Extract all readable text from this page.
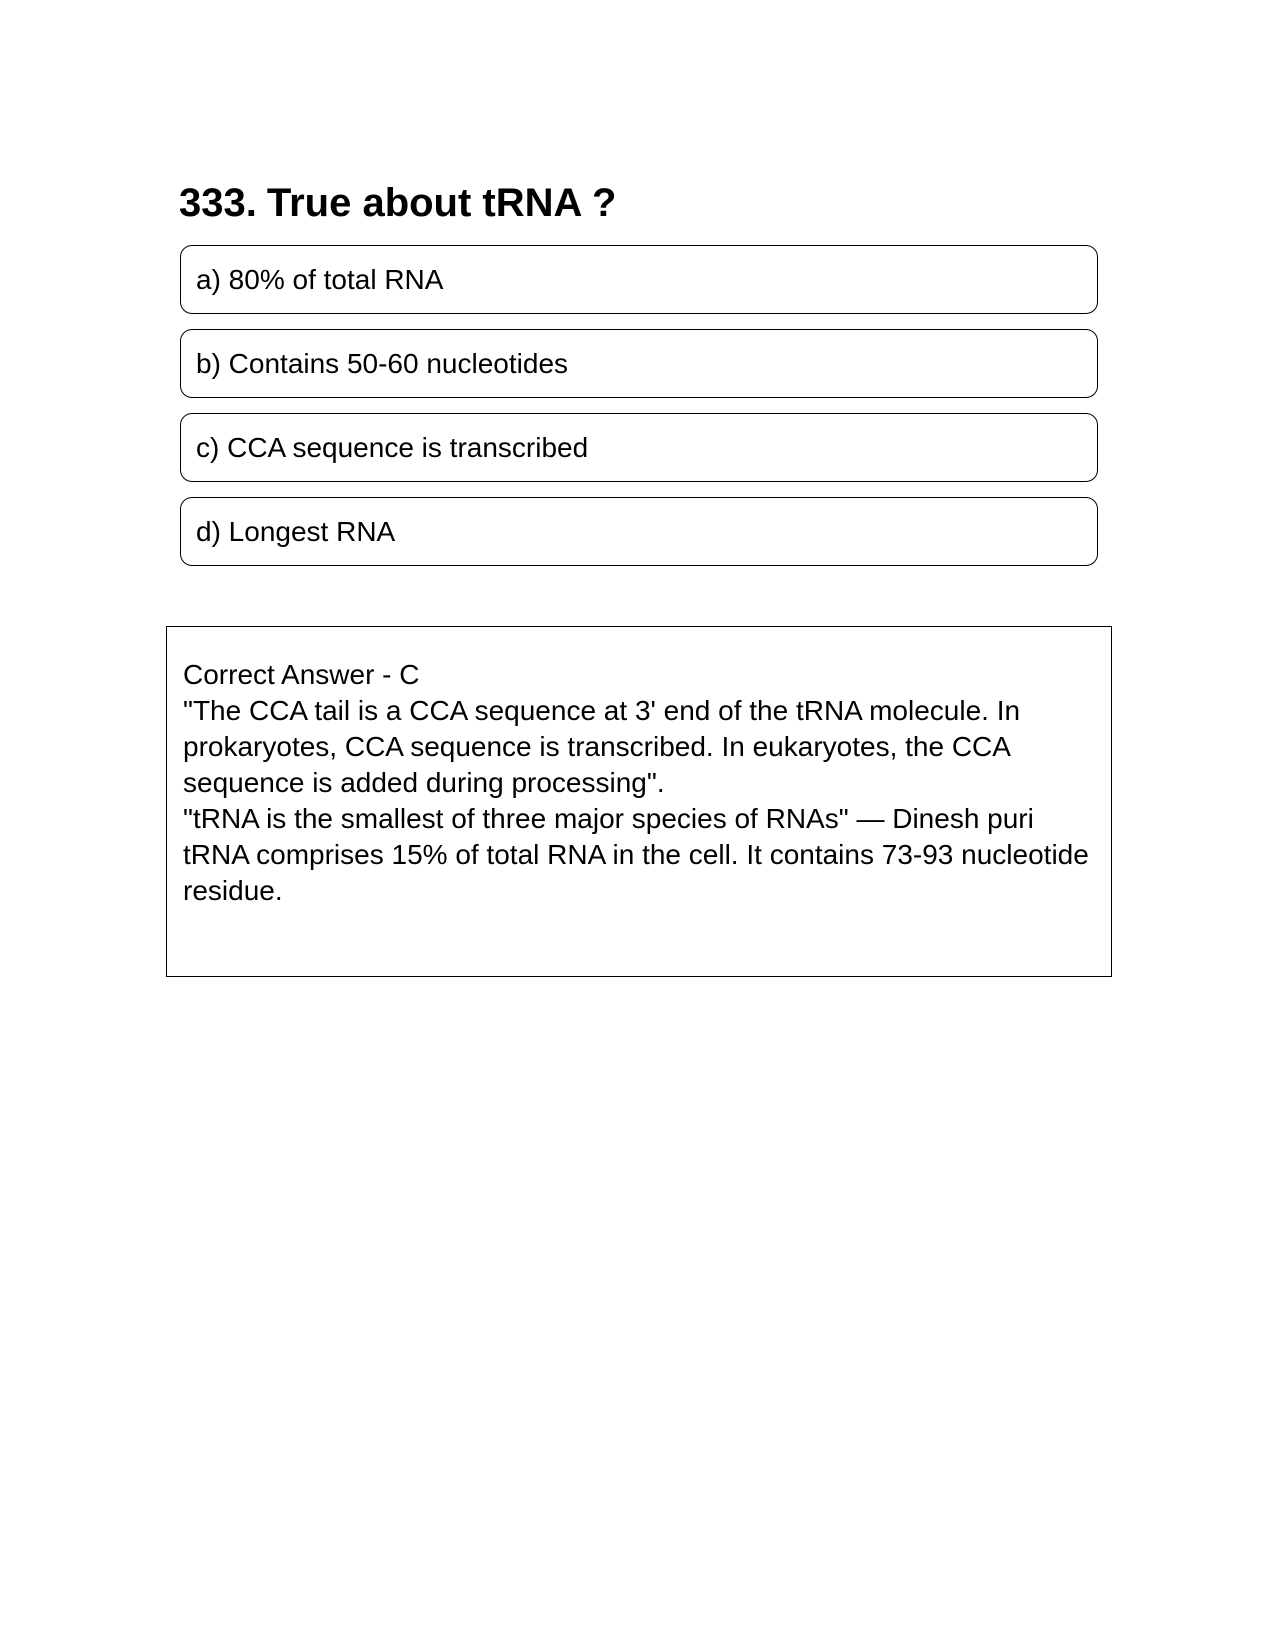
333. True about tRNA ?
a) 80% of total RNA
b) Contains 50-60 nucleotides
c) CCA sequence is transcribed
d) Longest RNA

Correct Answer - C

"The CCA tail is a CCA sequence at 3' end of the tRNA molecule. In prokaryotes, CCA sequence is transcribed. In eukaryotes, the CCA sequence is added during processing".

"tRNA is the smallest of three major species of RNAs" — Dinesh puri

tRNA comprises 15% of total RNA in the cell. It contains 73-93 nucleotide residue.
